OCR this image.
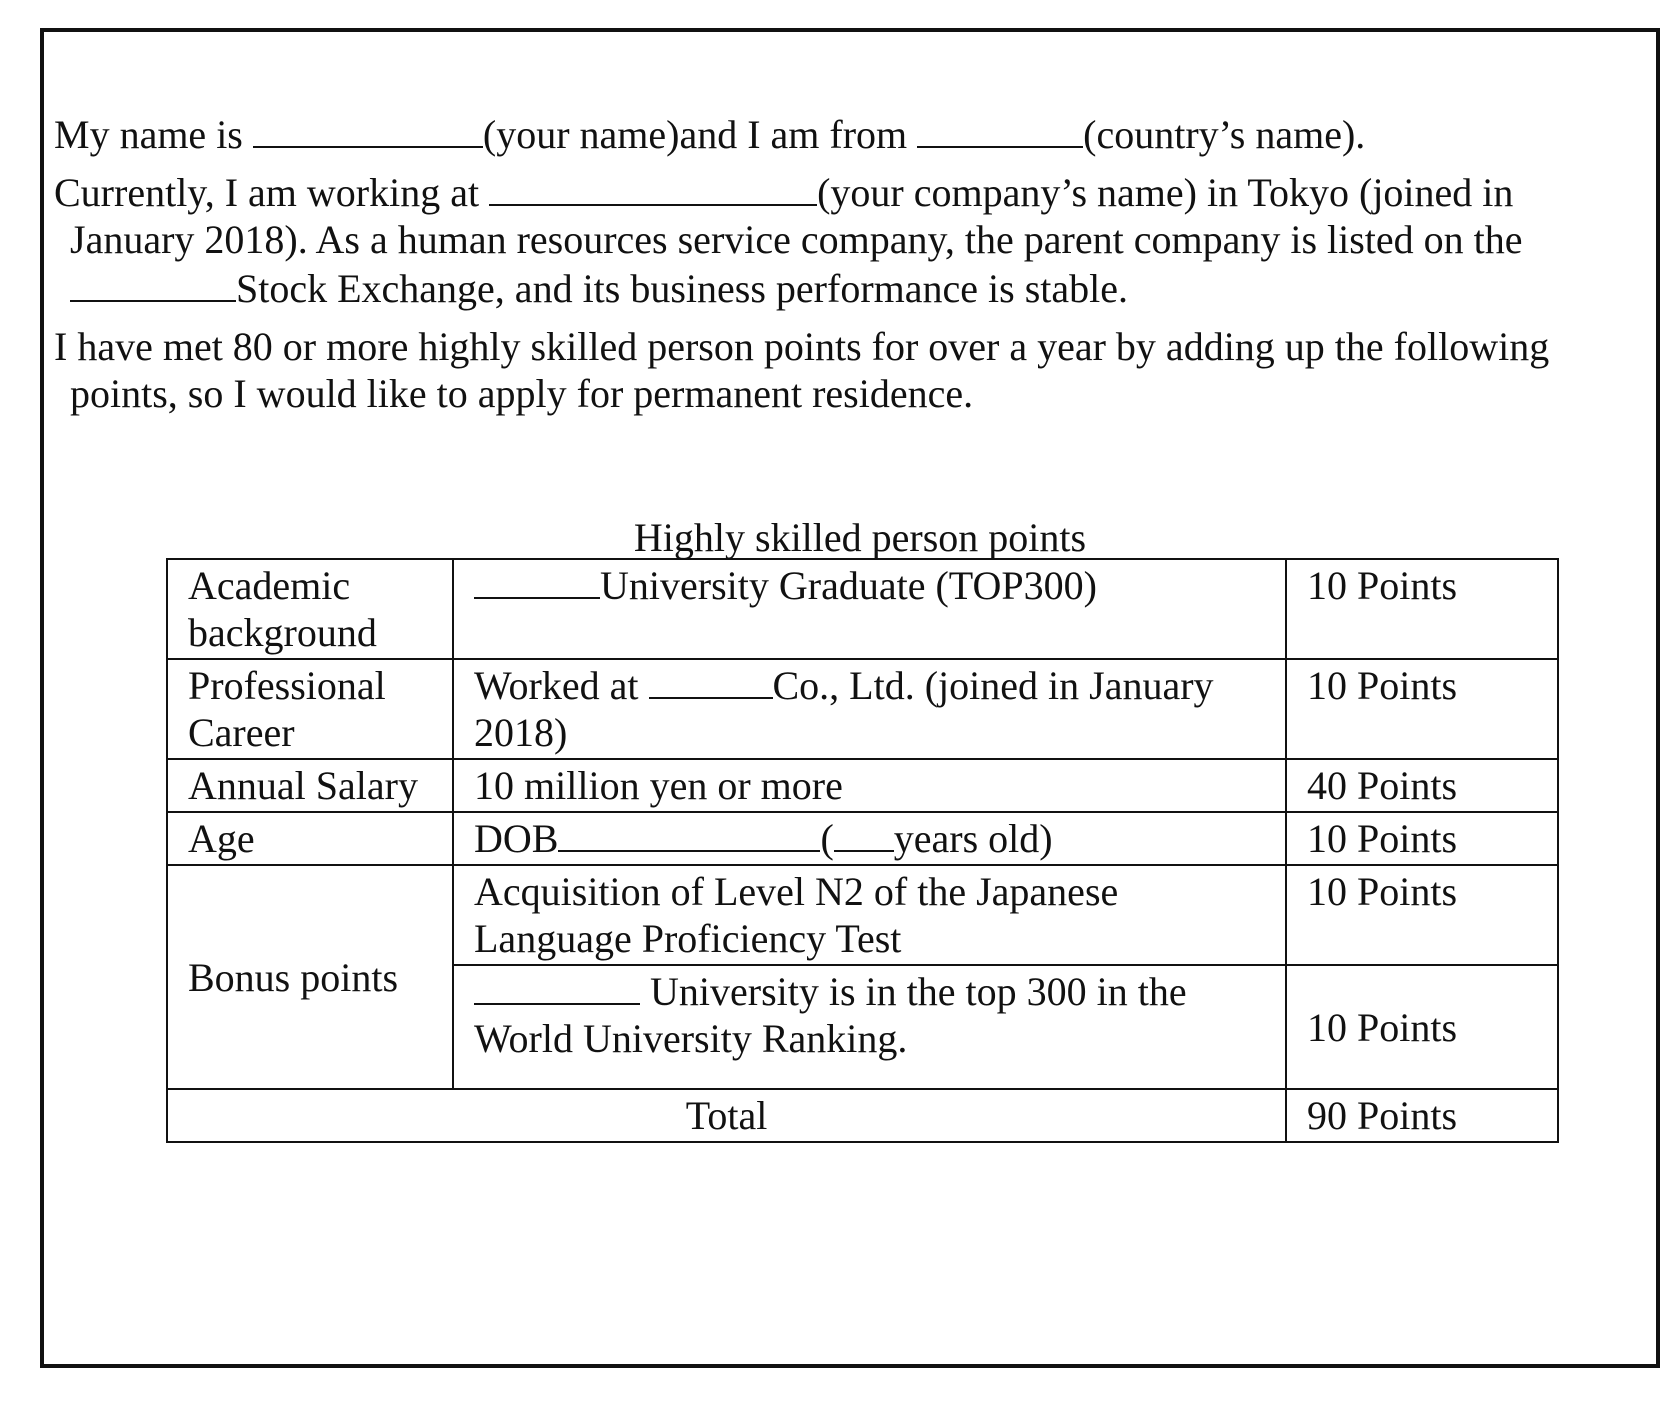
My name is	(your name)and I am from	(country’s name).
Currently, I am working at	(your company’s name) in Tokyo (joined in
January 2018). As a human resources service company, the parent company is listed on the
Stock Exchange, and its business performance is stable.
I have met 80 or more highly skilled person points for over a year by adding up the following
points, so I would like to apply for permanent residence.
Highly skilled person points
Academic background	University Graduate (TOP300)	10 Points
Professional Career	Worked at Co., Ltd. (joined in January 2018)	10 Points
Annual Salary	10 million yen or more	40 Points
Age	DOB ( years old)	10 Points
Bonus points	Acquisition of Level N2 of the Japanese Language Proficiency Test	10 Points
	University is in the top 300 in the World University Ranking.	10 Points
Total		90 Points
